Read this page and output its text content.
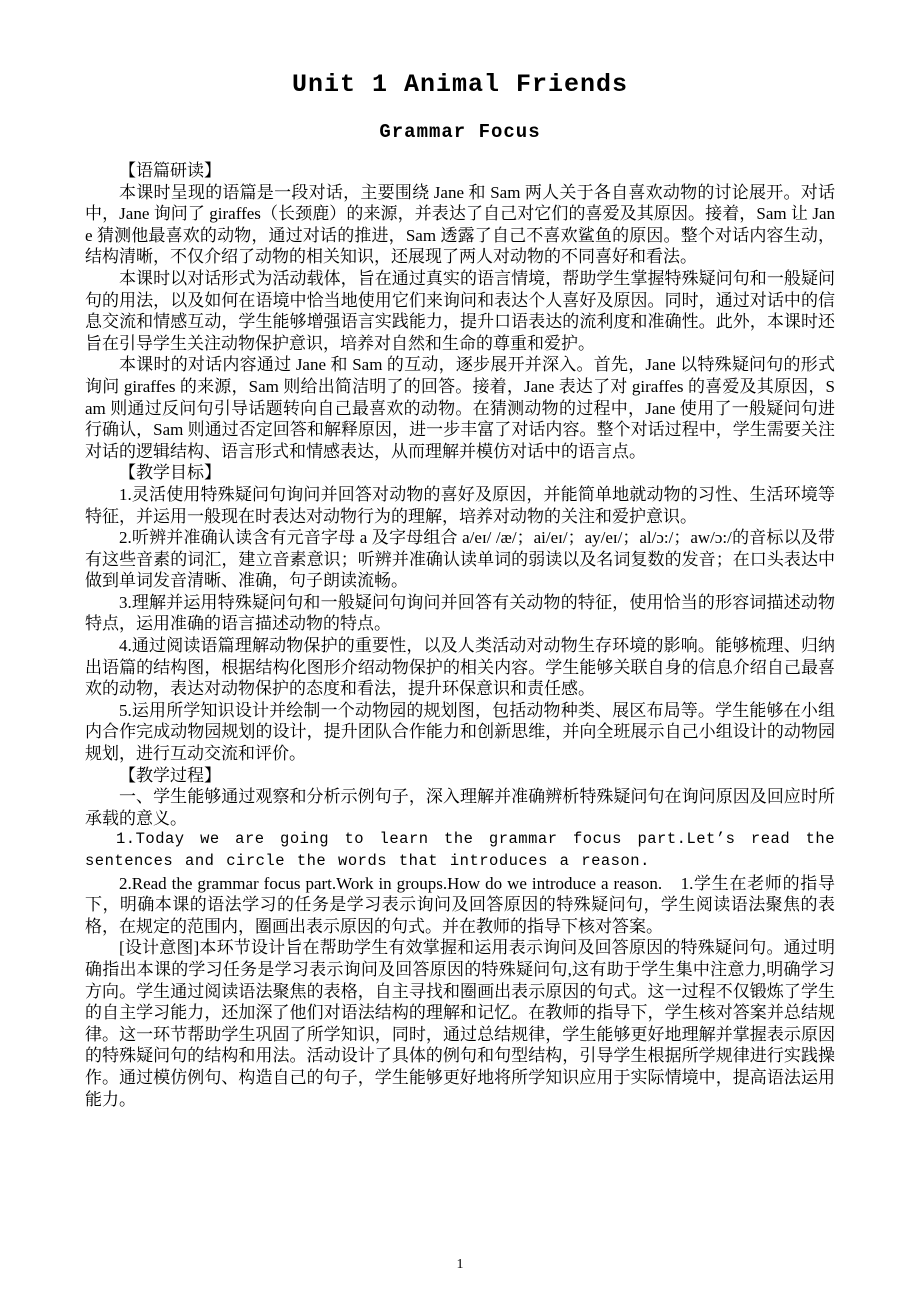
Unit 1 Animal Friends
Grammar Focus

【语篇研读】

本课时呈现的语篇是一段对话，主要围绕 Jane 和 Sam 两人关于各自喜欢动物的讨论展开。对话中，Jane 询问了 giraffes（长颈鹿）的来源，并表达了自己对它们的喜爱及其原因。接着，Sam 让 Jane 猜测他最喜欢的动物，通过对话的推进，Sam 透露了自己不喜欢鲨鱼的原因。整个对话内容生动，结构清晰，不仅介绍了动物的相关知识，还展现了两人对动物的不同喜好和看法。

本课时以对话形式为活动载体，旨在通过真实的语言情境，帮助学生掌握特殊疑问句和一般疑问句的用法，以及如何在语境中恰当地使用它们来询问和表达个人喜好及原因。同时，通过对话中的信息交流和情感互动，学生能够增强语言实践能力，提升口语表达的流利度和准确性。此外，本课时还旨在引导学生关注动物保护意识，培养对自然和生命的尊重和爱护。

本课时的对话内容通过 Jane 和 Sam 的互动，逐步展开并深入。首先，Jane 以特殊疑问句的形式询问 giraffes 的来源，Sam 则给出简洁明了的回答。接着，Jane 表达了对 giraffes 的喜爱及其原因，Sam 则通过反问句引导话题转向自己最喜欢的动物。在猜测动物的过程中，Jane 使用了一般疑问句进行确认，Sam 则通过否定回答和解释原因，进一步丰富了对话内容。整个对话过程中，学生需要关注对话的逻辑结构、语言形式和情感表达，从而理解并模仿对话中的语言点。

【教学目标】

1.灵活使用特殊疑问句询问并回答对动物的喜好及原因，并能简单地就动物的习性、生活环境等特征，并运用一般现在时表达对动物行为的理解，培养对动物的关注和爱护意识。

2.听辨并准确认读含有元音字母 a 及字母组合 a/eɪ/ /æ/；ai/eɪ/；ay/eɪ/；al/ɔ:/；aw/ɔ:/的音标以及带有这些音素的词汇，建立音素意识；听辨并准确认读单词的弱读以及名词复数的发音；在口头表达中做到单词发音清晰、准确，句子朗读流畅。

3.理解并运用特殊疑问句和一般疑问句询问并回答有关动物的特征，使用恰当的形容词描述动物特点，运用准确的语言描述动物的特点。

4.通过阅读语篇理解动物保护的重要性，以及人类活动对动物生存环境的影响。能够梳理、归纳出语篇的结构图，根据结构化图形介绍动物保护的相关内容。学生能够关联自身的信息介绍自己最喜欢的动物，表达对动物保护的态度和看法，提升环保意识和责任感。

5.运用所学知识设计并绘制一个动物园的规划图，包括动物种类、展区布局等。学生能够在小组内合作完成动物园规划的设计，提升团队合作能力和创新思维，并向全班展示自己小组设计的动物园规划，进行互动交流和评价。

【教学过程】

一、学生能够通过观察和分析示例句子，深入理解并准确辨析特殊疑问句在询问原因及回应时所承载的意义。

1.Today we are going to learn the grammar focus part.Let’s read the sentences and circle the words that introduces a reason.

2.Read the grammar focus part.Work in groups.How do we introduce a reason.　1.学生在老师的指导下，明确本课的语法学习的任务是学习表示询问及回答原因的特殊疑问句，学生阅读语法聚焦的表格，在规定的范围内，圈画出表示原因的句式。并在教师的指导下核对答案。

[设计意图]本环节设计旨在帮助学生有效掌握和运用表示询问及回答原因的特殊疑问句。通过明确指出本课的学习任务是学习表示询问及回答原因的特殊疑问句,这有助于学生集中注意力,明确学习方向。学生通过阅读语法聚焦的表格，自主寻找和圈画出表示原因的句式。这一过程不仅锻炼了学生的自主学习能力，还加深了他们对语法结构的理解和记忆。在教师的指导下，学生核对答案并总结规律。这一环节帮助学生巩固了所学知识，同时，通过总结规律，学生能够更好地理解并掌握表示原因的特殊疑问句的结构和用法。活动设计了具体的例句和句型结构，引导学生根据所学规律进行实践操作。通过模仿例句、构造自己的句子，学生能够更好地将所学知识应用于实际情境中，提高语法运用能力。

1
